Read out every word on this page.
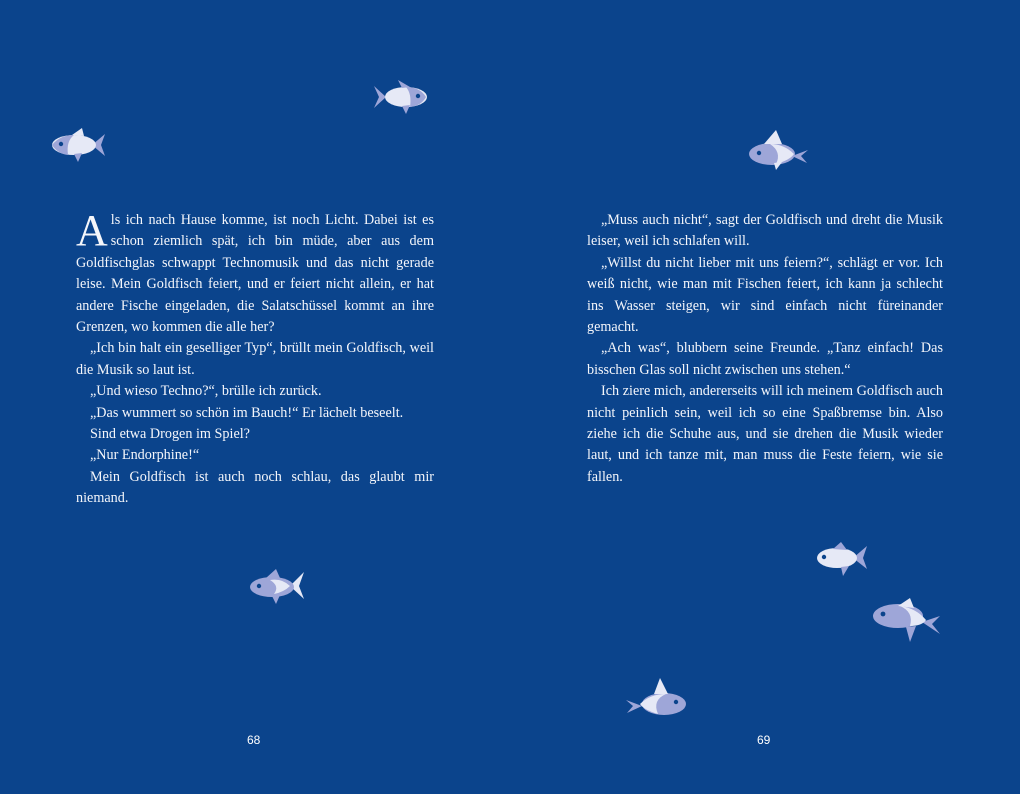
Als ich nach Hause komme, ist noch Licht. Dabei ist es schon ziemlich spät, ich bin müde, aber aus dem Goldfischglas schwappt Technomusik und das nicht gerade leise. Mein Goldfisch feiert, und er feiert nicht allein, er hat andere Fische eingeladen, die Salatschüssel kommt an ihre Grenzen, wo kommen die alle her?

„Ich bin halt ein geselliger Typ“, brüllt mein Goldfisch, weil die Musik so laut ist.

„Und wieso Techno?“, brülle ich zurück.

„Das wummert so schön im Bauch!“ Er lächelt beseelt.

Sind etwa Drogen im Spiel?

„Nur Endorphine!“

Mein Goldfisch ist auch noch schlau, das glaubt mir niemand.

68

„Muss auch nicht“, sagt der Goldfisch und dreht die Musik leiser, weil ich schlafen will.

„Willst du nicht lieber mit uns feiern?“, schlägt er vor. Ich weiß nicht, wie man mit Fischen feiert, ich kann ja schlecht ins Wasser steigen, wir sind einfach nicht füreinander gemacht.

„Ach was“, blubbern seine Freunde. „Tanz einfach! Das bisschen Glas soll nicht zwischen uns stehen.“

Ich ziere mich, andererseits will ich meinem Goldfisch auch nicht peinlich sein, weil ich so eine Spaßbremse bin. Also ziehe ich die Schuhe aus, und sie drehen die Musik wieder laut, und ich tanze mit, man muss die Feste feiern, wie sie fallen.

69
